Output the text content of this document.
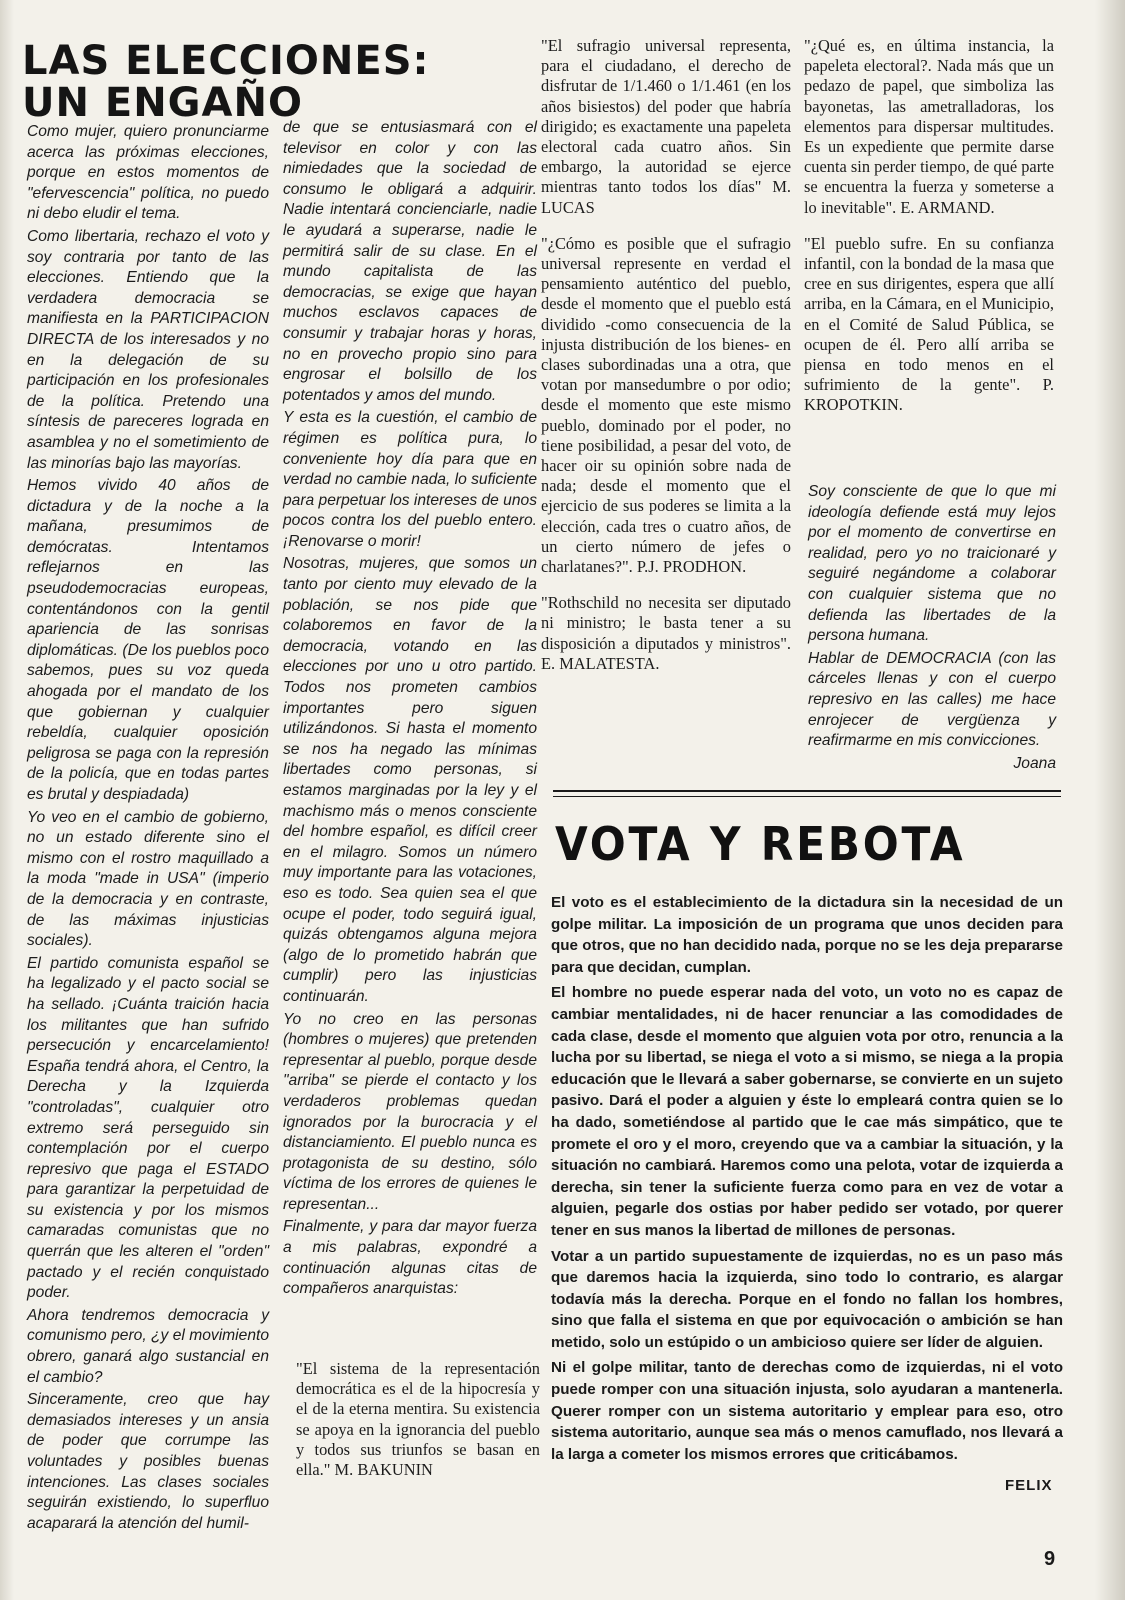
LAS ELECCIONES:
UN ENGAÑO

Como mujer, quiero pronunciarme acerca las próximas elecciones, porque en estos momentos de "efervescencia" política, no puedo ni debo eludir el tema.

Como libertaria, rechazo el voto y soy contraria por tanto de las elecciones. Entiendo que la verdadera democracia se manifiesta en la PARTICIPACION DIRECTA de los interesados y no en la delegación de su participación en los profesionales de la política. Pretendo una síntesis de pareceres lograda en asamblea y no el sometimiento de las minorías bajo las mayorías.

Hemos vivido 40 años de dictadura y de la noche a la mañana, presumimos de demócratas. Intentamos reflejarnos en las pseudodemocracias europeas, contentándonos con la gentil apariencia de las sonrisas diplomáticas. (De los pueblos poco sabemos, pues su voz queda ahogada por el mandato de los que gobiernan y cualquier rebeldía, cualquier oposición peligrosa se paga con la represión de la policía, que en todas partes es brutal y despiadada)

Yo veo en el cambio de gobierno, no un estado diferente sino el mismo con el rostro maquillado a la moda "made in USA" (imperio de la democracia y en contraste, de las máximas injusticias sociales).

El partido comunista español se ha legalizado y el pacto social se ha sellado. ¡Cuánta traición hacia los militantes que han sufrido persecución y encarcelamiento! España tendrá ahora, el Centro, la Derecha y la Izquierda "controladas", cualquier otro extremo será perseguido sin contemplación por el cuerpo represivo que paga el ESTADO para garantizar la perpetuidad de su existencia y por los mismos camaradas comunistas que no querrán que les alteren el "orden" pactado y el recién conquistado poder.

Ahora tendremos democracia y comunismo pero, ¿y el movimiento obrero, ganará algo sustancial en el cambio?

Sinceramente, creo que hay demasiados intereses y un ansia de poder que corrumpe las voluntades y posibles buenas intenciones. Las clases sociales seguirán existiendo, lo superfluo acaparará la atención del humil-

de que se entusiasmará con el televisor en color y con las nimiedades que la sociedad de consumo le obligará a adquirir. Nadie intentará concienciarle, nadie le ayudará a superarse, nadie le permitirá salir de su clase. En el mundo capitalista de las democracias, se exige que hayan muchos esclavos capaces de consumir y trabajar horas y horas, no en provecho propio sino para engrosar el bolsillo de los potentados y amos del mundo.

Y esta es la cuestión, el cambio de régimen es política pura, lo conveniente hoy día para que en verdad no cambie nada, lo suficiente para perpetuar los intereses de unos pocos contra los del pueblo entero. ¡Renovarse o morir!

Nosotras, mujeres, que somos un tanto por ciento muy elevado de la población, se nos pide que colaboremos en favor de la democracia, votando en las elecciones por uno u otro partido. Todos nos prometen cambios importantes pero siguen utilizándonos. Si hasta el momento se nos ha negado las mínimas libertades como personas, si estamos marginadas por la ley y el machismo más o menos consciente del hombre español, es difícil creer en el milagro. Somos un número muy importante para las votaciones, eso es todo. Sea quien sea el que ocupe el poder, todo seguirá igual, quizás obtengamos alguna mejora (algo de lo prometido habrán que cumplir) pero las injusticias continuarán.

Yo no creo en las personas (hombres o mujeres) que pretenden representar al pueblo, porque desde "arriba" se pierde el contacto y los verdaderos problemas quedan ignorados por la burocracia y el distanciamiento. El pueblo nunca es protagonista de su destino, sólo víctima de los errores de quienes le representan...

Finalmente, y para dar mayor fuerza a mis palabras, expondré a continuación algunas citas de compañeros anarquistas:

"El sistema de la representación democrática es el de la hipocresía y el de la eterna mentira. Su existencia se apoya en la ignorancia del pueblo y todos sus triunfos se basan en ella." M. BAKUNIN

"El sufragio universal representa, para el ciudadano, el derecho de disfrutar de 1/1.460 o 1/1.461 (en los años bisiestos) del poder que habría dirigido; es exactamente una papeleta electoral cada cuatro años. Sin embargo, la autoridad se ejerce mientras tanto todos los días" M. LUCAS

"¿Cómo es posible que el sufragio universal represente en verdad el pensamiento auténtico del pueblo, desde el momento que el pueblo está dividido -como consecuencia de la injusta distribución de los bienes- en clases subordinadas una a otra, que votan por mansedumbre o por odio; desde el momento que este mismo pueblo, dominado por el poder, no tiene posibilidad, a pesar del voto, de hacer oir su opinión sobre nada de nada; desde el momento que el ejercicio de sus poderes se limita a la elección, cada tres o cuatro años, de un cierto número de jefes o charlatanes?". P.J. PRODHON.

"Rothschild no necesita ser diputado ni ministro; le basta tener a su disposición a diputados y ministros". E. MALATESTA.

"¿Qué es, en última instancia, la papeleta electoral?. Nada más que un pedazo de papel, que simboliza las bayonetas, las ametralladoras, los elementos para dispersar multitudes. Es un expediente que permite darse cuenta sin perder tiempo, de qué parte se encuentra la fuerza y someterse a lo inevitable". E. ARMAND.

"El pueblo sufre. En su confianza infantil, con la bondad de la masa que cree en sus dirigentes, espera que allí arriba, en la Cámara, en el Municipio, en el Comité de Salud Pública, se ocupen de él. Pero allí arriba se piensa en todo menos en el sufrimiento de la gente". P. KROPOTKIN.

Soy consciente de que lo que mi ideología defiende está muy lejos por el momento de convertirse en realidad, pero yo no traicionaré y seguiré negándome a colaborar con cualquier sistema que no defienda las libertades de la persona humana.

Hablar de DEMOCRACIA (con las cárceles llenas y con el cuerpo represivo en las calles) me hace enrojecer de vergüenza y reafirmarme en mis convicciones.

Joana

VOTA Y REBOTA

El voto es el establecimiento de la dictadura sin la necesidad de un golpe militar. La imposición de un programa que unos deciden para que otros, que no han decidido nada, porque no se les deja prepararse para que decidan, cumplan.

El hombre no puede esperar nada del voto, un voto no es capaz de cambiar mentalidades, ni de hacer renunciar a las comodidades de cada clase, desde el momento que alguien vota por otro, renuncia a la lucha por su libertad, se niega el voto a si mismo, se niega a la propia educación que le llevará a saber gobernarse, se convierte en un sujeto pasivo. Dará el poder a alguien y éste lo empleará contra quien se lo ha dado, sometiéndose al partido que le cae más simpático, que te promete el oro y el moro, creyendo que va a cambiar la situación, y la situación no cambiará. Haremos como una pelota, votar de izquierda a derecha, sin tener la suficiente fuerza como para en vez de votar a alguien, pegarle dos ostias por haber pedido ser votado, por querer tener en sus manos la libertad de millones de personas.

Votar a un partido supuestamente de izquierdas, no es un paso más que daremos hacia la izquierda, sino todo lo contrario, es alargar todavía más la derecha. Porque en el fondo no fallan los hombres, sino que falla el sistema en que por equivocación o ambición se han metido, solo un estúpido o un ambicioso quiere ser líder de alguien.

Ni el golpe militar, tanto de derechas como de izquierdas, ni el voto puede romper con una situación injusta, solo ayudaran a mantenerla. Querer romper con un sistema autoritario y emplear para eso, otro sistema autoritario, aunque sea más o menos camuflado, nos llevará a la larga a cometer los mismos errores que criticábamos.

FELIX
9
